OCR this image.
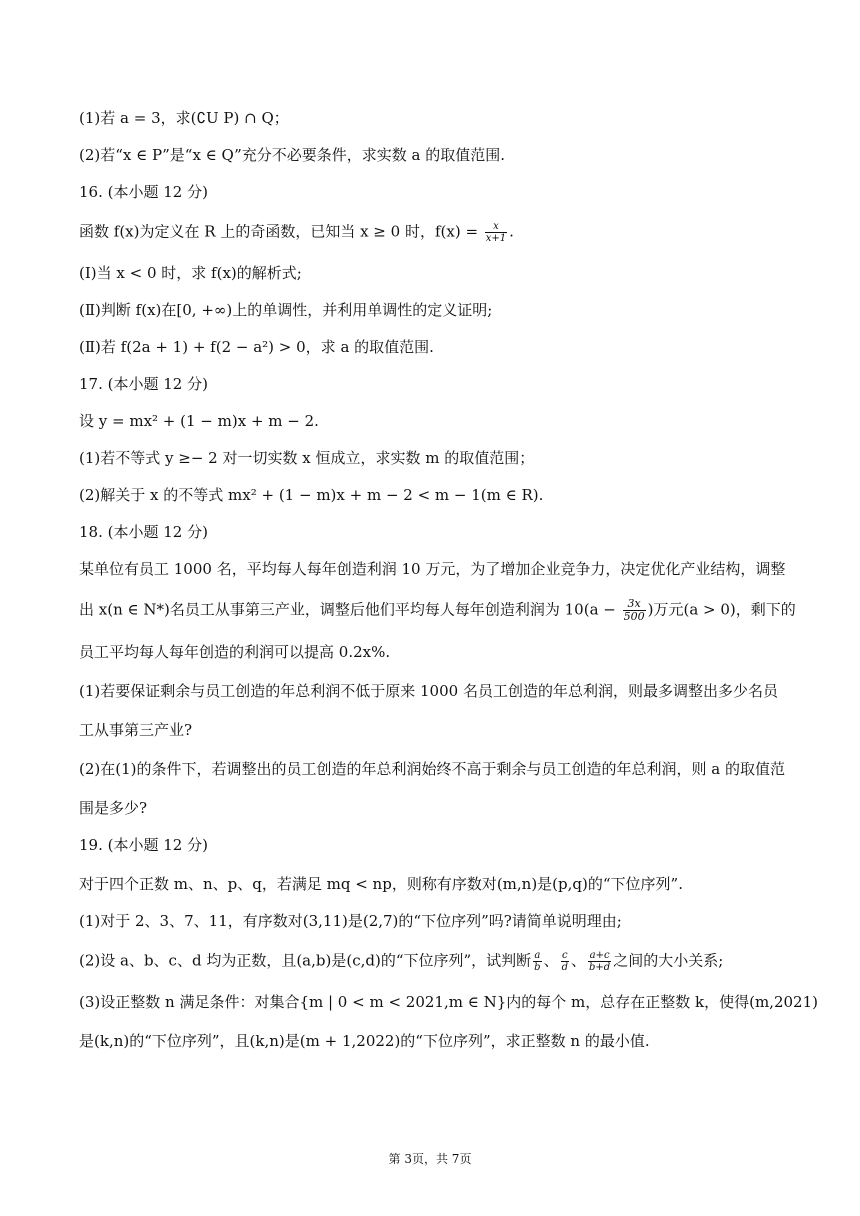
(1)若 a = 3，求(∁U P) ∩ Q；

(2)若“x ∈ P”是“x ∈ Q”充分不必要条件，求实数 a 的取值范围.

16. (本小题 12 分)

函数 f(x)为定义在 R 上的奇函数，已知当 x ≥ 0 时，$f(x) = \frac{x}{x+1}$ .

(Ⅰ)当 x < 0 时，求 f(x)的解析式;

(Ⅱ)判断 f(x)在[0, +∞)上的单调性，并利用单调性的定义证明;

(Ⅱ)若 f(2a + 1) + f(2 − a²) > 0，求 a 的取值范围.

17. (本小题 12 分)

设 y = mx² + (1 − m)x + m − 2.

(1)若不等式 y ≥− 2 对一切实数 x 恒成立，求实数 m 的取值范围；

(2)解关于 x 的不等式 mx² + (1 − m)x + m − 2 < m − 1(m ∈ R).

18. (本小题 12 分)

某单位有员工 1000 名，平均每人每年创造利润 10 万元，为了增加企业竞争力，决定优化产业结构，调整

出 x(n ∈ N*)名员工从事第三产业，调整后他们平均每人每年创造利润为 $10(a - \frac{3x}{500}$ )万元(a > 0)，剩下的

员工平均每人每年创造的利润可以提高 0.2x%.

(1)若要保证剩余与员工创造的年总利润不低于原来 1000 名员工创造的年总利润，则最多调整出多少名员

工从事第三产业?

(2)在(1)的条件下，若调整出的员工创造的年总利润始终不高于剩余与员工创造的年总利润，则 a 的取值范

围是多少?

19. (本小题 12 分)

对于四个正数 m、n、p、q，若满足 mq < np，则称有序数对(m,n)是(p,q)的“下位序列”.

(1)对于 2、3、7、11，有序数对(3,11)是(2,7)的“下位序列”吗?请简单说明理由;

(2)设 a、b、c、d 均为正数，且(a,b)是(c,d)的“下位序列”，试判断 $\frac{a}{b}$ 、 $\frac{c}{d}$ 、 $\frac{a+c}{b+d}$ 之间的大小关系;

(3)设正整数 n 满足条件：对集合{m | 0 < m < 2021,m ∈ N}内的每个 m，总存在正整数 k，使得(m,2021)

是(k,n)的“下位序列”，且(k,n)是(m + 1,2022)的“下位序列”，求正整数 n 的最小值.

第 3页，共 7页
